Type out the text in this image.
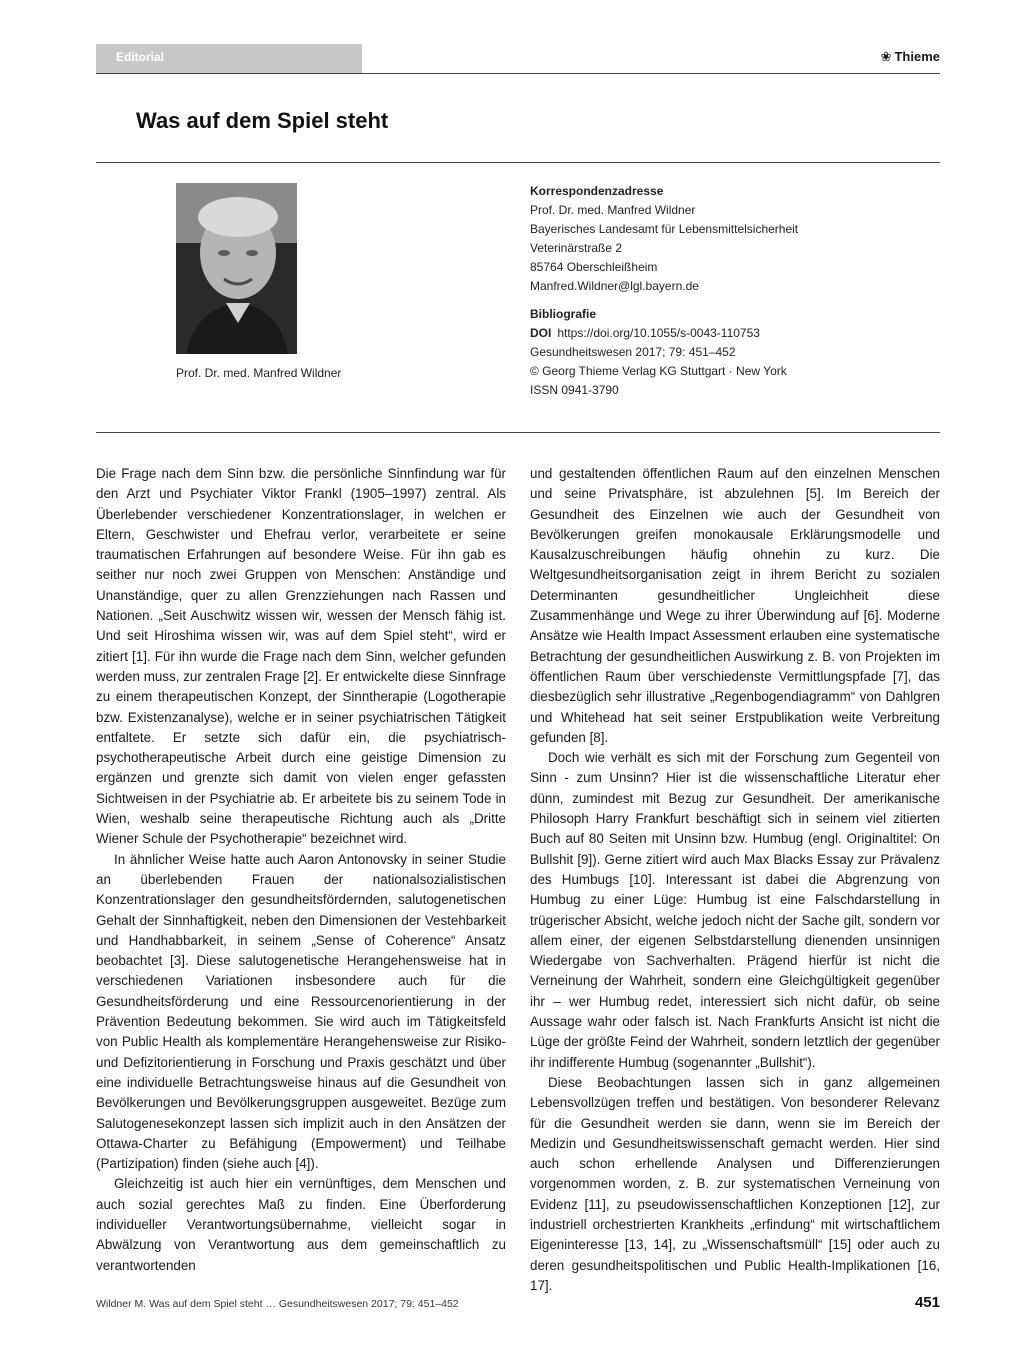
Editorial	❀ Thieme
Was auf dem Spiel steht
Prof. Dr. med. Manfred Wildner
Korrespondenzadresse
Prof. Dr. med. Manfred Wildner
Bayerisches Landesamt für Lebensmittelsicherheit
Veterinärstraße 2
85764 Oberschleißheim
Manfred.Wildner@lgl.bayern.de
Bibliografie
DOI https://doi.org/10.1055/s-0043-110753
Gesundheitswesen 2017; 79: 451–452
© Georg Thieme Verlag KG Stuttgart · New York
ISSN 0941-3790

Die Frage nach dem Sinn bzw. die persönliche Sinnfindung war für den Arzt und Psychiater Viktor Frankl (1905–1997) zentral. Als Überlebender verschiedener Konzentrationslager, in welchen er Eltern, Geschwister und Ehefrau verlor, verarbeitete er seine traumatischen Erfahrungen auf besondere Weise. Für ihn gab es seither nur noch zwei Gruppen von Menschen: Anständige und Unanständige, quer zu allen Grenzziehungen nach Rassen und Nationen. „Seit Auschwitz wissen wir, wessen der Mensch fähig ist. Und seit Hiroshima wissen wir, was auf dem Spiel steht“, wird er zitiert [1]. Für ihn wurde die Frage nach dem Sinn, welcher gefunden werden muss, zur zentralen Frage [2]. Er entwickelte diese Sinnfrage zu einem therapeutischen Konzept, der Sinntherapie (Logotherapie bzw. Existenzanalyse), welche er in seiner psychiatrischen Tätigkeit entfaltete. Er setzte sich dafür ein, die psychiatrisch-psychotherapeutische Arbeit durch eine geistige Dimension zu ergänzen und grenzte sich damit von vielen enger gefassten Sichtweisen in der Psychiatrie ab. Er arbeitete bis zu seinem Tode in Wien, weshalb seine therapeutische Richtung auch als „Dritte Wiener Schule der Psychotherapie“ bezeichnet wird.

In ähnlicher Weise hatte auch Aaron Antonovsky in seiner Studie an überlebenden Frauen der nationalsozialistischen Konzentrationslager den gesundheitsfördernden, salutogenetischen Gehalt der Sinnhaftigkeit, neben den Dimensionen der Vestehbarkeit und Handhabbarkeit, in seinem „Sense of Coherence“ Ansatz beobachtet [3]. Diese salutogenetische Herangehensweise hat in verschiedenen Variationen insbesondere auch für die Gesundheitsförderung und eine Ressourcenorientierung in der Prävention Bedeutung bekommen. Sie wird auch im Tätigkeitsfeld von Public Health als komplementäre Herangehensweise zur Risiko- und Defizitorientierung in Forschung und Praxis geschätzt und über eine individuelle Betrachtungsweise hinaus auf die Gesundheit von Bevölkerungen und Bevölkerungsgruppen ausgeweitet. Bezüge zum Salutogenesekonzept lassen sich implizit auch in den Ansätzen der Ottawa-Charter zu Befähigung (Empowerment) und Teilhabe (Partizipation) finden (siehe auch [4]).

Gleichzeitig ist auch hier ein vernünftiges, dem Menschen und auch sozial gerechtes Maß zu finden. Eine Überforderung individueller Verantwortungsübernahme, vielleicht sogar in Abwälzung von Verantwortung aus dem gemeinschaftlich zu verantwortenden

und gestaltenden öffentlichen Raum auf den einzelnen Menschen und seine Privatsphäre, ist abzulehnen [5]. Im Bereich der Gesundheit des Einzelnen wie auch der Gesundheit von Bevölkerungen greifen monokausale Erklärungsmodelle und Kausalzuschreibungen häufig ohnehin zu kurz. Die Weltgesundheitsorganisation zeigt in ihrem Bericht zu sozialen Determinanten gesundheitlicher Ungleichheit diese Zusammenhänge und Wege zu ihrer Überwindung auf [6]. Moderne Ansätze wie Health Impact Assessment erlauben eine systematische Betrachtung der gesundheitlichen Auswirkung z. B. von Projekten im öffentlichen Raum über verschiedenste Vermittlungspfade [7], das diesbezüglich sehr illustrative „Regenbogendiagramm“ von Dahlgren und Whitehead hat seit seiner Erstpublikation weite Verbreitung gefunden [8].

Doch wie verhält es sich mit der Forschung zum Gegenteil von Sinn - zum Unsinn? Hier ist die wissenschaftliche Literatur eher dünn, zumindest mit Bezug zur Gesundheit. Der amerikanische Philosoph Harry Frankfurt beschäftigt sich in seinem viel zitierten Buch auf 80 Seiten mit Unsinn bzw. Humbug (engl. Originaltitel: On Bullshit [9]). Gerne zitiert wird auch Max Blacks Essay zur Prävalenz des Humbugs [10]. Interessant ist dabei die Abgrenzung von Humbug zu einer Lüge: Humbug ist eine Falschdarstellung in trügerischer Absicht, welche jedoch nicht der Sache gilt, sondern vor allem einer, der eigenen Selbstdarstellung dienenden unsinnigen Wiedergabe von Sachverhalten. Prägend hierfür ist nicht die Verneinung der Wahrheit, sondern eine Gleichgültigkeit gegenüber ihr – wer Humbug redet, interessiert sich nicht dafür, ob seine Aussage wahr oder falsch ist. Nach Frankfurts Ansicht ist nicht die Lüge der größte Feind der Wahrheit, sondern letztlich der gegenüber ihr indifferente Humbug (sogenannter „Bullshit“).

Diese Beobachtungen lassen sich in ganz allgemeinen Lebensvollzügen treffen und bestätigen. Von besonderer Relevanz für die Gesundheit werden sie dann, wenn sie im Bereich der Medizin und Gesundheitswissenschaft gemacht werden. Hier sind auch schon erhellende Analysen und Differenzierungen vorgenommen worden, z. B. zur systematischen Verneinung von Evidenz [11], zu pseudowissenschaftlichen Konzeptionen [12], zur industriell orchestrierten Krankheits „erfindung“ mit wirtschaftlichem Eigeninteresse [13, 14], zu „Wissenschaftsmüll“ [15] oder auch zu deren gesundheitspolitischen und Public Health-Implikationen [16, 17].

Wildner M. Was auf dem Spiel steht … Gesundheitswesen 2017; 79: 451–452	451
